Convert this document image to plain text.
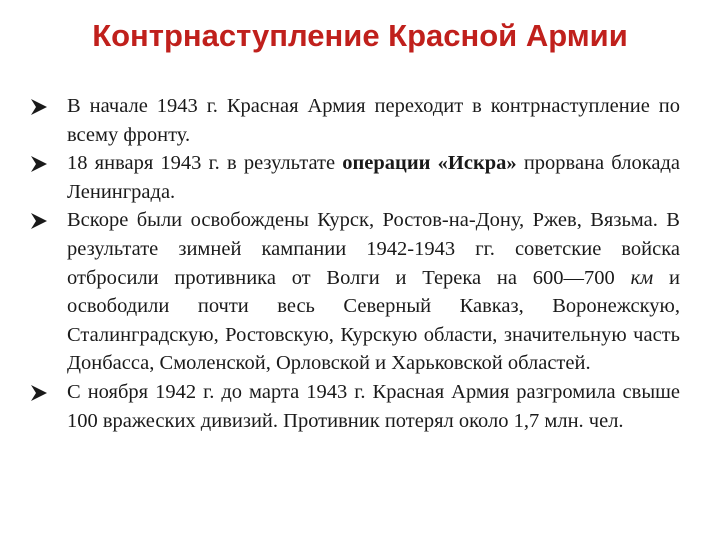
Контрнаступление Красной Армии
В начале 1943 г. Красная Армия переходит в контрнаступление по всему фронту.
18 января 1943 г. в результате операции «Искра» прорвана блокада Ленинграда.
Вскоре были освобождены Курск, Ростов-на-Дону, Ржев, Вязьма. В результате зимней кампании 1942-1943 гг. советские войска отбросили противника от Волги и Терека на 600—700 км и освободили почти весь Северный Кавказ, Воронежскую, Сталинградскую, Ростовскую, Курскую области, значительную часть Донбасса, Смоленской, Орловской и Харьковской областей.
С ноября 1942 г. до марта 1943 г. Красная Армия разгромила свыше 100 вражеских дивизий. Противник потерял около 1,7 млн. чел.
